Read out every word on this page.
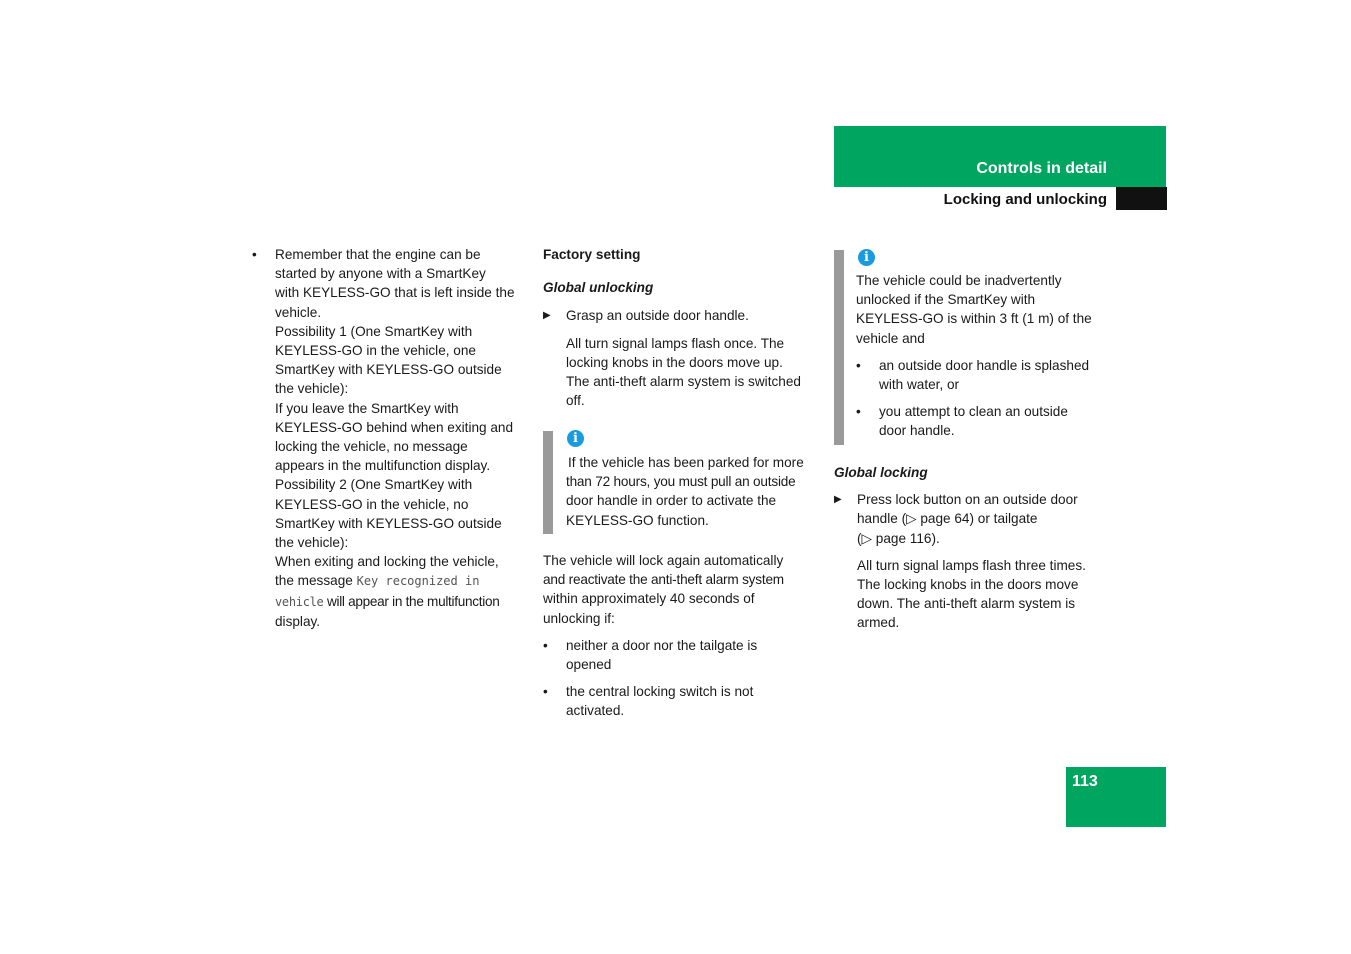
Controls in detail
Locking and unlocking
• Remember that the engine can be

started by anyone with a SmartKey

with KEYLESS-GO that is left inside the

vehicle.

Possibility 1 (One SmartKey with

KEYLESS-GO in the vehicle, one

SmartKey with KEYLESS-GO outside

the vehicle):

If you leave the SmartKey with

KEYLESS-GO behind when exiting and

locking the vehicle, no message

appears in the multifunction display.

Possibility 2 (One SmartKey with

KEYLESS-GO in the vehicle, no

SmartKey with KEYLESS-GO outside

the vehicle):

When exiting and locking the vehicle,

the message Key recognized in

vehicle will appear in the multifunction

display.

Factory setting

Global unlocking

▶ Grasp an outside door handle.

All turn signal lamps flash once. The

locking knobs in the doors move up.

The anti-theft alarm system is switched

off.

i

If the vehicle has been parked for more

than 72 hours, you must pull an outside

door handle in order to activate the

KEYLESS-GO function.

The vehicle will lock again automatically

and reactivate the anti-theft alarm system

within approximately 40 seconds of

unlocking if:

• neither a door nor the tailgate is

opened

• the central locking switch is not

activated.

i

The vehicle could be inadvertently

unlocked if the SmartKey with

KEYLESS-GO is within 3 ft (1 m) of the

vehicle and

• an outside door handle is splashed

with water, or

• you attempt to clean an outside

door handle.

Global locking

▶ Press lock button on an outside door

handle (▷ page 64) or tailgate

(▷ page 116).

All turn signal lamps flash three times.

The locking knobs in the doors move

down. The anti-theft alarm system is

armed.

113
